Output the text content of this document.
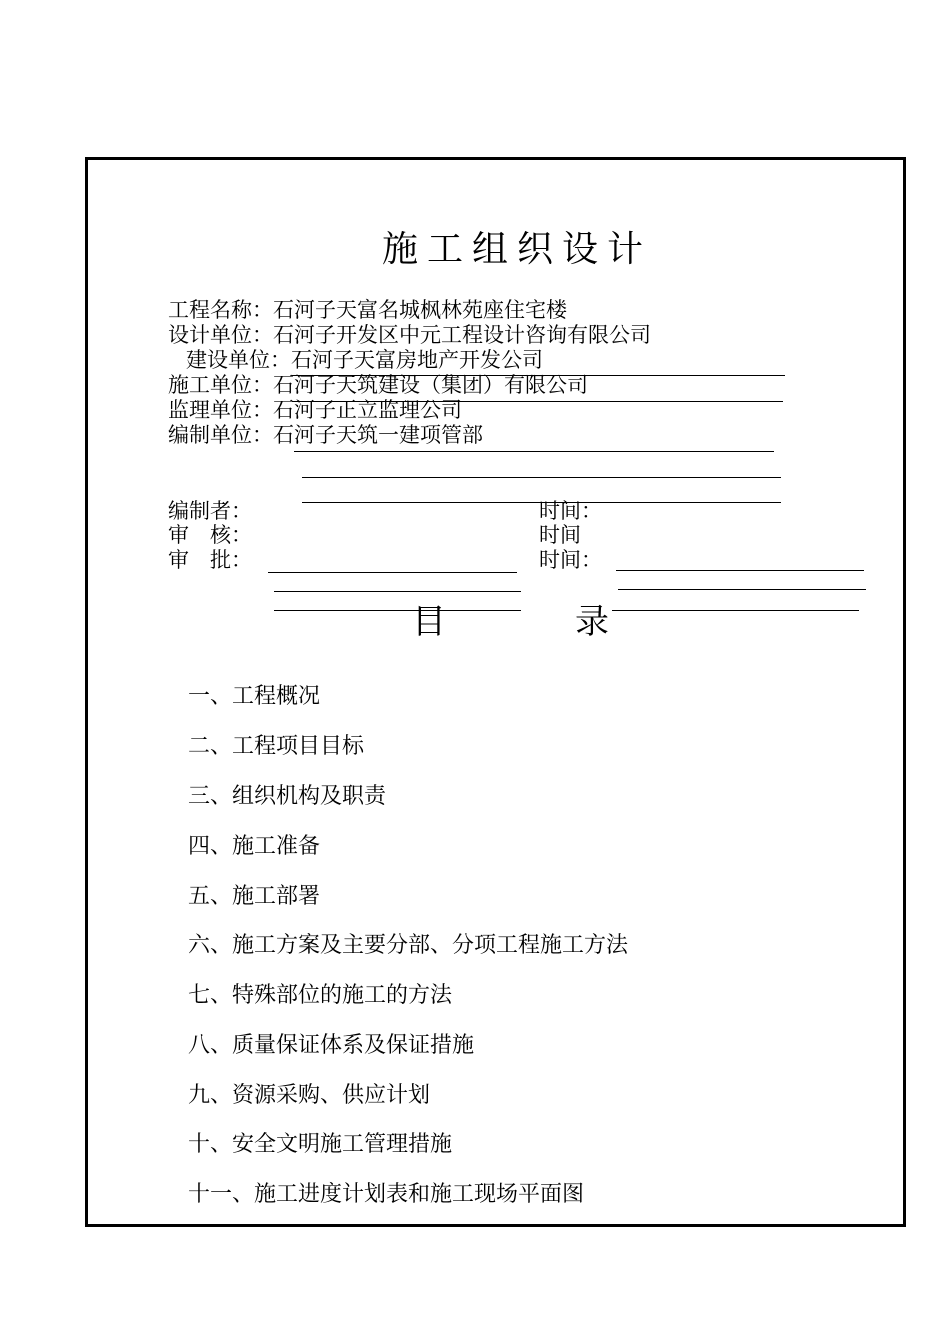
施工组织设计
工程名称：石河子天富名城枫林苑座住宅楼
设计单位：石河子开发区中元工程设计咨询有限公司
建设单位：石河子天富房地产开发公司
施工单位：石河子天筑建设（集团）有限公司
监理单位：石河子正立监理公司
编制单位：石河子天筑一建项管部
编制者：
审　核：
审　批：
时间：
时间
时间：
目	录
一、工程概况
二、工程项目目标
三、组织机构及职责
四、施工准备
五、施工部署
六、施工方案及主要分部、分项工程施工方法
七、特殊部位的施工的方法
八、质量保证体系及保证措施
九、资源采购、供应计划
十、安全文明施工管理措施
十一、施工进度计划表和施工现场平面图
